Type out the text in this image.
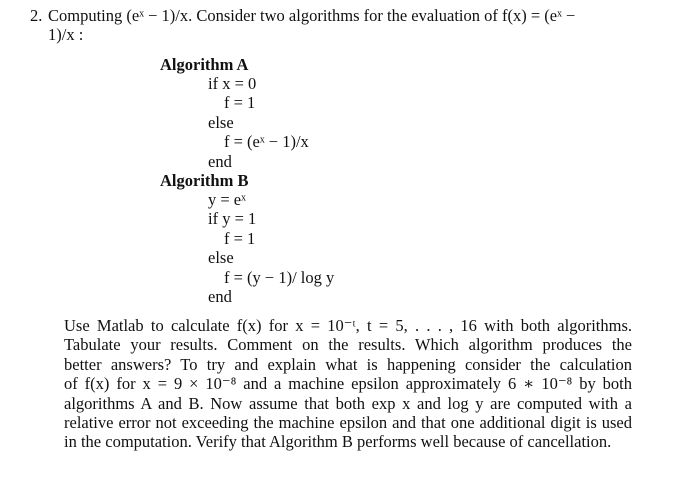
2. Computing (eˣ − 1)/x. Consider two algorithms for the evaluation of f(x) = (eˣ −
1)/x :
Algorithm A
if x = 0
f = 1
else
f = (eˣ − 1)/x
end
Algorithm B
y = eˣ
if y = 1
f = 1
else
f = (y − 1)/ log y
end
Use Matlab to calculate f(x) for x = 10⁻ᵗ, t = 5, . . . , 16 with both algorithms.
Tabulate your results. Comment on the results. Which algorithm produces the
better answers? To try and explain what is happening consider the calculation
of f(x) for x = 9 × 10⁻⁸ and a machine epsilon approximately 6 ∗ 10⁻⁸ by both
algorithms A and B. Now assume that both exp x and log y are computed with a
relative error not exceeding the machine epsilon and that one additional digit is used
in the computation. Verify that Algorithm B performs well because of cancellation.
